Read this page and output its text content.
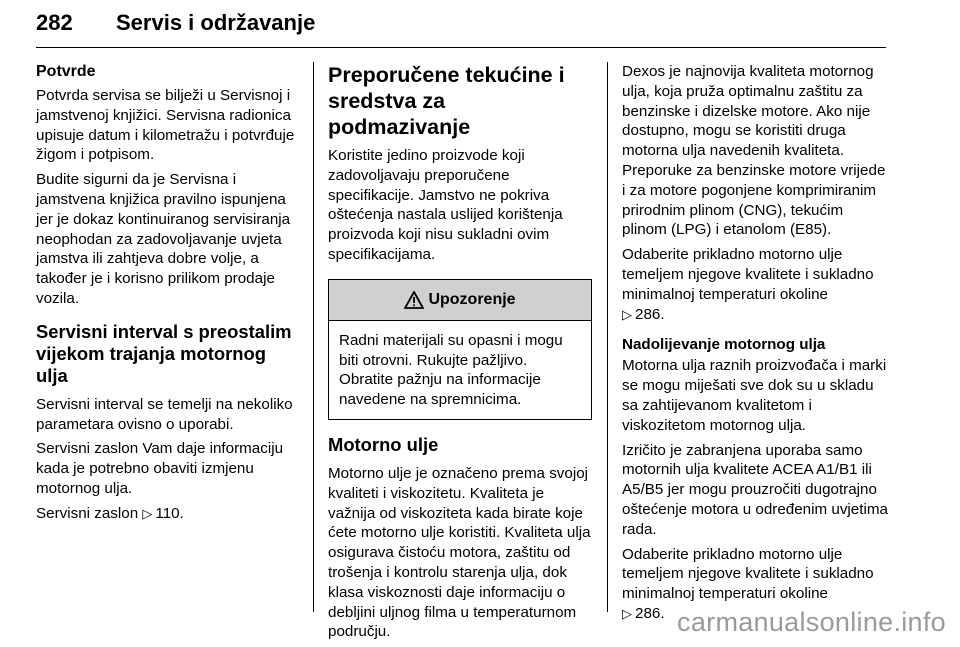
282 Servis i održavanje
Potvrde

Potvrda servisa se bilježi u Servisnoj i jamstvenoj knjižici. Servisna radionica upisuje datum i kilometražu i potvrđuje žigom i potpisom.

Budite sigurni da je Servisna i jamstvena knjižica pravilno ispunjena jer je dokaz kontinuiranog servisiranja neophodan za zadovoljavanje uvjeta jamstva ili zahtjeva dobre volje, a također je i korisno prilikom prodaje vozila.

Servisni interval s preostalim vijekom trajanja motornog ulja

Servisni interval se temelji na nekoliko parametara ovisno o uporabi.

Servisni zaslon Vam daje informaciju kada je potrebno obaviti izmjenu motornog ulja.

Servisni zaslon ▷ 110.

Preporučene tekućine i sredstva za podmazivanje

Koristite jedino proizvode koji zadovoljavaju preporučene specifikacije. Jamstvo ne pokriva oštećenja nastala uslijed korištenja proizvoda koji nisu sukladni ovim specifikacijama.

Upozorenje

Radni materijali su opasni i mogu biti otrovni. Rukujte pažljivo. Obratite pažnju na informacije navedene na spremnicima.

Motorno ulje

Motorno ulje je označeno prema svojoj kvaliteti i viskozitetu. Kvaliteta je važnija od viskoziteta kada birate koje ćete motorno ulje koristiti. Kvaliteta ulja osigurava čistoću motora, zaštitu od trošenja i kontrolu starenja ulja, dok klasa viskoznosti daje informaciju o debljini uljnog filma u temperaturnom području.

Dexos je najnovija kvaliteta motornog ulja, koja pruža optimalnu zaštitu za benzinske i dizelske motore. Ako nije dostupno, mogu se koristiti druga motorna ulja navedenih kvaliteta. Preporuke za benzinske motore vrijede i za motore pogonjene komprimiranim prirodnim plinom (CNG), tekućim plinom (LPG) i etanolom (E85).

Odaberite prikladno motorno ulje temeljem njegove kvalitete i sukladno minimalnoj temperaturi okoline
▷ 286.

Nadolijevanje motornog ulja

Motorna ulja raznih proizvođača i marki se mogu miješati sve dok su u skladu sa zahtijevanom kvalitetom i viskozitetom motornog ulja.

Izričito je zabranjena uporaba samo motornih ulja kvalitete ACEA A1/B1 ili A5/B5 jer mogu prouzročiti dugotrajno oštećenje motora u određenim uvjetima rada.

Odaberite prikladno motorno ulje temeljem njegove kvalitete i sukladno minimalnoj temperaturi okoline
▷ 286. carmanualsonline.info
